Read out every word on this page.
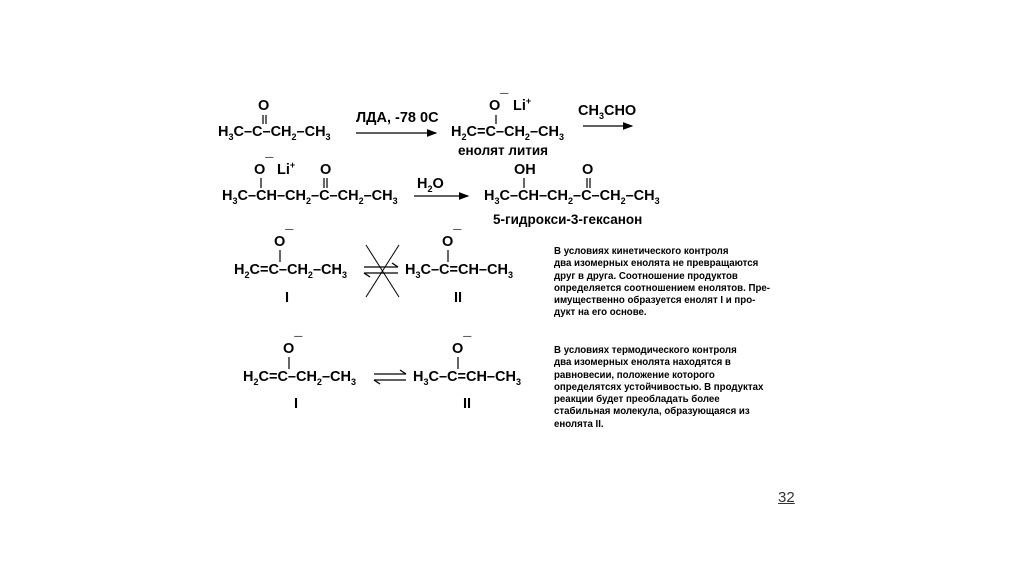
O
$H_3C-C-CH_2-CH_3$
ЛДА, -78 0C
O¯ Li+
$H_2C=C-CH_2-CH_3$
енолят лития
$CH_3CHO$
O¯ Li+ O
$H_3C-CH-CH_2-C-CH_2-CH_3$
$H_2O$
OH	O
$H_3C-CH-CH_2-C-CH_2-CH_3$
5-гидрокси-3-гексанон
O¯
$H_2C=C-CH_2-CH_3$
I
O¯
$H_3C-C=CH-CH_3$
II
В условиях кинетического контроля
два изомерных енолята не превращаются
друг в друга. Соотношение продуктов
определяется соотношением енолятов. Пре-
имущественно образуется енолят I и про-
дукт на его основе.
O¯
$H_2C=C-CH_2-CH_3$
I
O¯
$H_3C-C=CH-CH_3$
II
В условиях термодического контроля
два изомерных енолята находятся в
равновесии, положение которого
определятсях устойчивостью. В продуктах
реакции будет преобладать более
стабильная молекула, образующаяся из
енолята II.
32
